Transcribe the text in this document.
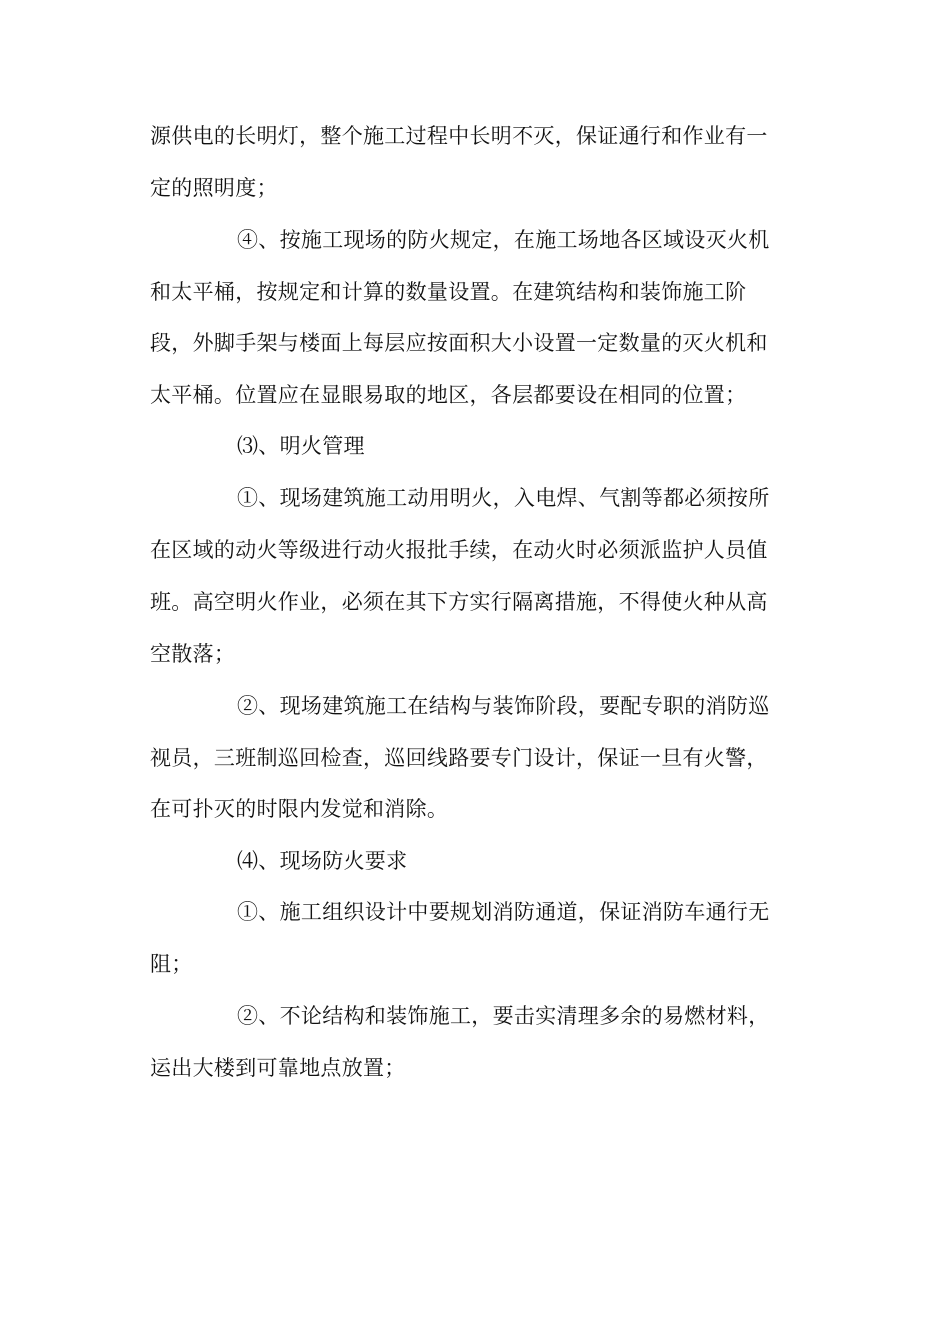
源供电的长明灯，整个施工过程中长明不灭，保证通行和作业有一
定的照明度；
④、按施工现场的防火规定，在施工场地各区域设灭火机
和太平桶，按规定和计算的数量设置。在建筑结构和装饰施工阶
段，外脚手架与楼面上每层应按面积大小设置一定数量的灭火机和
太平桶。位置应在显眼易取的地区，各层都要设在相同的位置；
⑶、明火管理
①、现场建筑施工动用明火，入电焊、气割等都必须按所
在区域的动火等级进行动火报批手续，在动火时必须派监护人员值
班。高空明火作业，必须在其下方实行隔离措施，不得使火种从高
空散落；
②、现场建筑施工在结构与装饰阶段，要配专职的消防巡
视员，三班制巡回检查，巡回线路要专门设计，保证一旦有火警，
在可扑灭的时限内发觉和消除。
⑷、现场防火要求
①、施工组织设计中要规划消防通道，保证消防车通行无
阻；
②、不论结构和装饰施工，要击实清理多余的易燃材料，
运出大楼到可靠地点放置；
